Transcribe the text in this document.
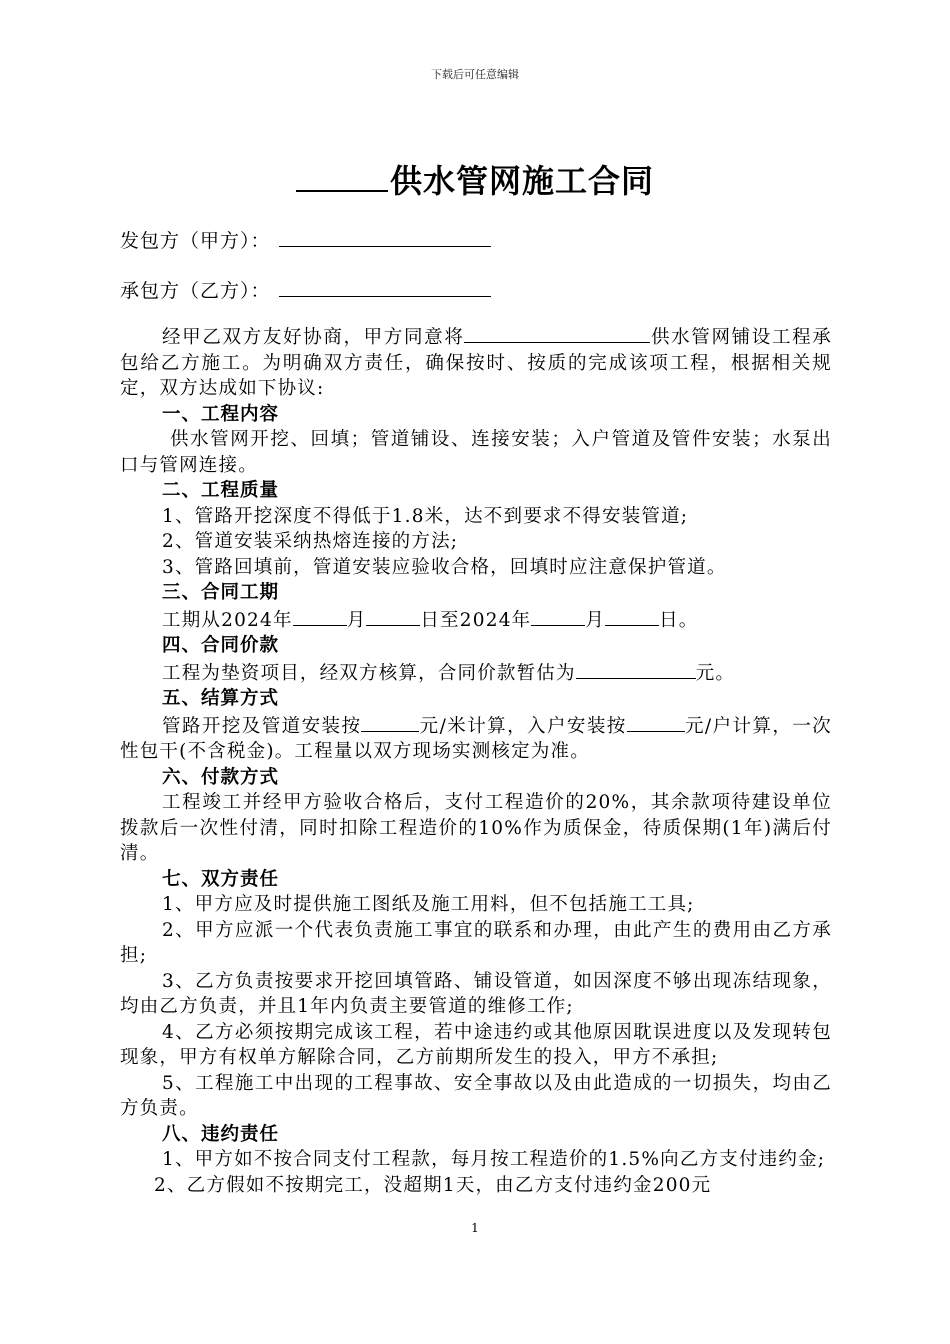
下载后可任意编辑
供水管网施工合同
发包方（甲方）：
承包方（乙方）：

经甲乙双方友好协商，甲方同意将	供水管网铺设工程承包给乙方施工。为明确双方责任，确保按时、按质的完成该项工程，根据相关规定，双方达成如下协议:

一、工程内容

供水管网开挖、回填；管道铺设、连接安装；入户管道及管件安装；水泵出口与管网连接。

二、工程质量

1、管路开挖深度不得低于1.8米，达不到要求不得安装管道;

2、管道安装采纳热熔连接的方法;

3、管路回填前，管道安装应验收合格，回填时应注意保护管道。

三、合同工期

工期从2024年	月	日至2024年	月	日。

四、合同价款

工程为垫资项目，经双方核算，合同价款暂估为	元。

五、结算方式

管路开挖及管道安装按	元/米计算，入户安装按	元/户计算，一次性包干(不含税金)。工程量以双方现场实测核定为准。

六、付款方式

工程竣工并经甲方验收合格后，支付工程造价的20%，其余款项待建设单位拨款后一次性付清，同时扣除工程造价的10%作为质保金，待质保期(1年)满后付清。

七、双方责任

1、甲方应及时提供施工图纸及施工用料，但不包括施工工具;

2、甲方应派一个代表负责施工事宜的联系和办理，由此产生的费用由乙方承担;

3、乙方负责按要求开挖回填管路、铺设管道，如因深度不够出现冻结现象，均由乙方负责，并且1年内负责主要管道的维修工作;

4、乙方必须按期完成该工程，若中途违约或其他原因耽误进度以及发现转包现象，甲方有权单方解除合同，乙方前期所发生的投入，甲方不承担;

5、工程施工中出现的工程事故、安全事故以及由此造成的一切损失，均由乙方负责。

八、违约责任

1、甲方如不按合同支付工程款，每月按工程造价的1.5%向乙方支付违约金;

2、乙方假如不按期完工，没超期1天，由乙方支付违约金200元

1
